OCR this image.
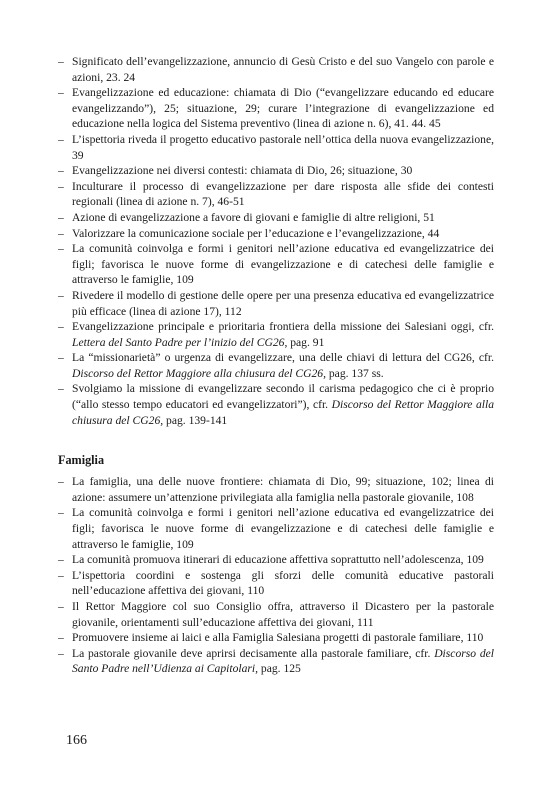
– Significato dell’evangelizzazione, annuncio di Gesù Cristo e del suo Vangelo con parole e azioni, 23. 24
– Evangelizzazione ed educazione: chiamata di Dio (“evangelizzare educando ed educare evangelizzando”), 25; situazione, 29; curare l’integrazione di evangelizzazione ed educazione nella logica del Sistema preventivo (linea di azione n. 6), 41. 44. 45
– L’ispettoria riveda il progetto educativo pastorale nell’ottica della nuova evangelizzazione, 39
– Evangelizzazione nei diversi contesti: chiamata di Dio, 26; situazione, 30
– Inculturare il processo di evangelizzazione per dare risposta alle sfide dei contesti regionali (linea di azione n. 7), 46-51
– Azione di evangelizzazione a favore di giovani e famiglie di altre religioni, 51
– Valorizzare la comunicazione sociale per l’educazione e l’evangelizzazione, 44
– La comunità coinvolga e formi i genitori nell’azione educativa ed evangelizzatrice dei figli; favorisca le nuove forme di evangelizzazione e di catechesi delle famiglie e attraverso le famiglie, 109
– Rivedere il modello di gestione delle opere per una presenza educativa ed evangelizzatrice più efficace (linea di azione 17), 112
– Evangelizzazione principale e prioritaria frontiera della missione dei Salesiani oggi, cfr. Lettera del Santo Padre per l’inizio del CG26, pag. 91
– La “missionarietà” o urgenza di evangelizzare, una delle chiavi di lettura del CG26, cfr. Discorso del Rettor Maggiore alla chiusura del CG26, pag. 137 ss.
– Svolgiamo la missione di evangelizzare secondo il carisma pedagogico che ci è proprio (“allo stesso tempo educatori ed evangelizzatori”), cfr. Discorso del Rettor Maggiore alla chiusura del CG26, pag. 139-141
Famiglia
– La famiglia, una delle nuove frontiere: chiamata di Dio, 99; situazione, 102; linea di azione: assumere un’attenzione privilegiata alla famiglia nella pastorale giovanile, 108
– La comunità coinvolga e formi i genitori nell’azione educativa ed evangelizzatrice dei figli; favorisca le nuove forme di evangelizzazione e di catechesi delle famiglie e attraverso le famiglie, 109
– La comunità promuova itinerari di educazione affettiva soprattutto nell’adolescenza, 109
– L’ispettoria coordini e sostenga gli sforzi delle comunità educative pastorali nell’educazione affettiva dei giovani, 110
– Il Rettor Maggiore col suo Consiglio offra, attraverso il Dicastero per la pastorale giovanile, orientamenti sull’educazione affettiva dei giovani, 111
– Promuovere insieme ai laici e alla Famiglia Salesiana progetti di pastorale familiare, 110
– La pastorale giovanile deve aprirsi decisamente alla pastorale familiare, cfr. Discorso del Santo Padre nell’Udienza ai Capitolari, pag. 125
166
